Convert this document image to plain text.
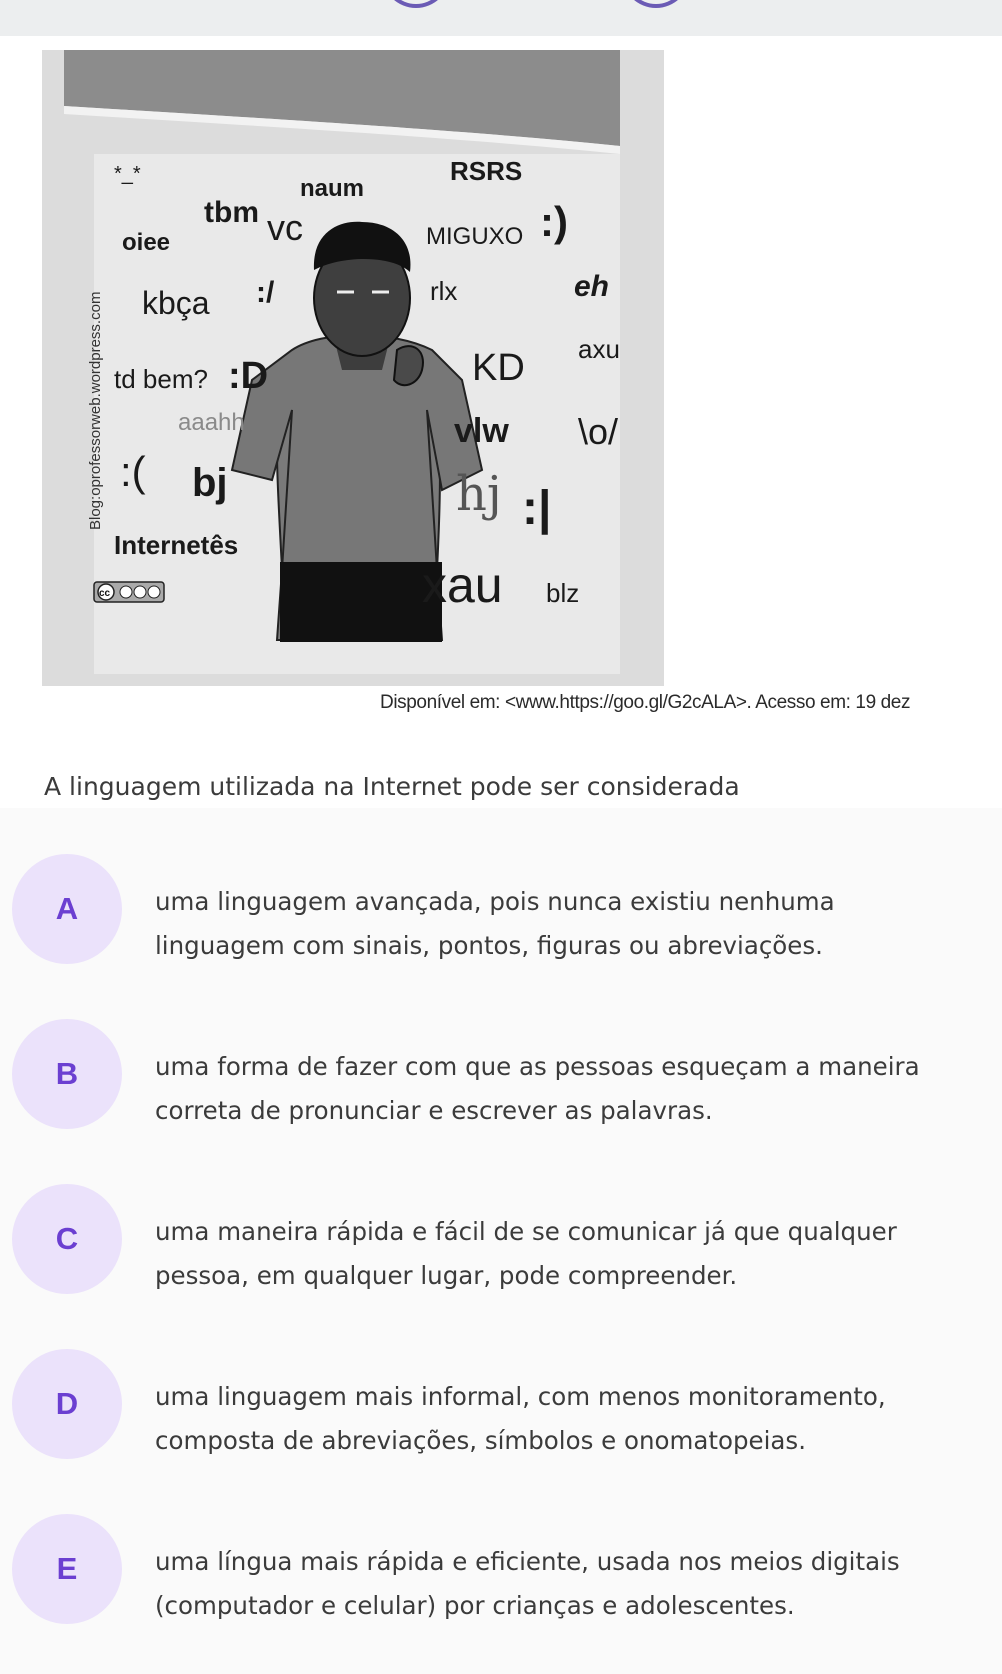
*_*
oiee
tbm vc
naum
RSRS
MIGUXO :)
kbça :/	rlx	eh
td bem? :D	KD axu
aaahh	vlw \o/
:( bj	hj :|
Internetês
xau blz
Blog:oprofessorweb.wordpress.com
cc
Disponível em: <www.https://goo.gl/G2cALA>. Acesso em: 19 dez
A linguagem utilizada na Internet pode ser considerada
A	uma linguagem avançada, pois nunca existiu nenhuma
linguagem com sinais, pontos, figuras ou abreviações.
B	uma forma de fazer com que as pessoas esqueçam a maneira
correta de pronunciar e escrever as palavras.
C	uma maneira rápida e fácil de se comunicar já que qualquer
pessoa, em qualquer lugar, pode compreender.
D	uma linguagem mais informal, com menos monitoramento,
composta de abreviações, símbolos e onomatopeias.
E	uma língua mais rápida e eficiente, usada nos meios digitais
(computador e celular) por crianças e adolescentes.
